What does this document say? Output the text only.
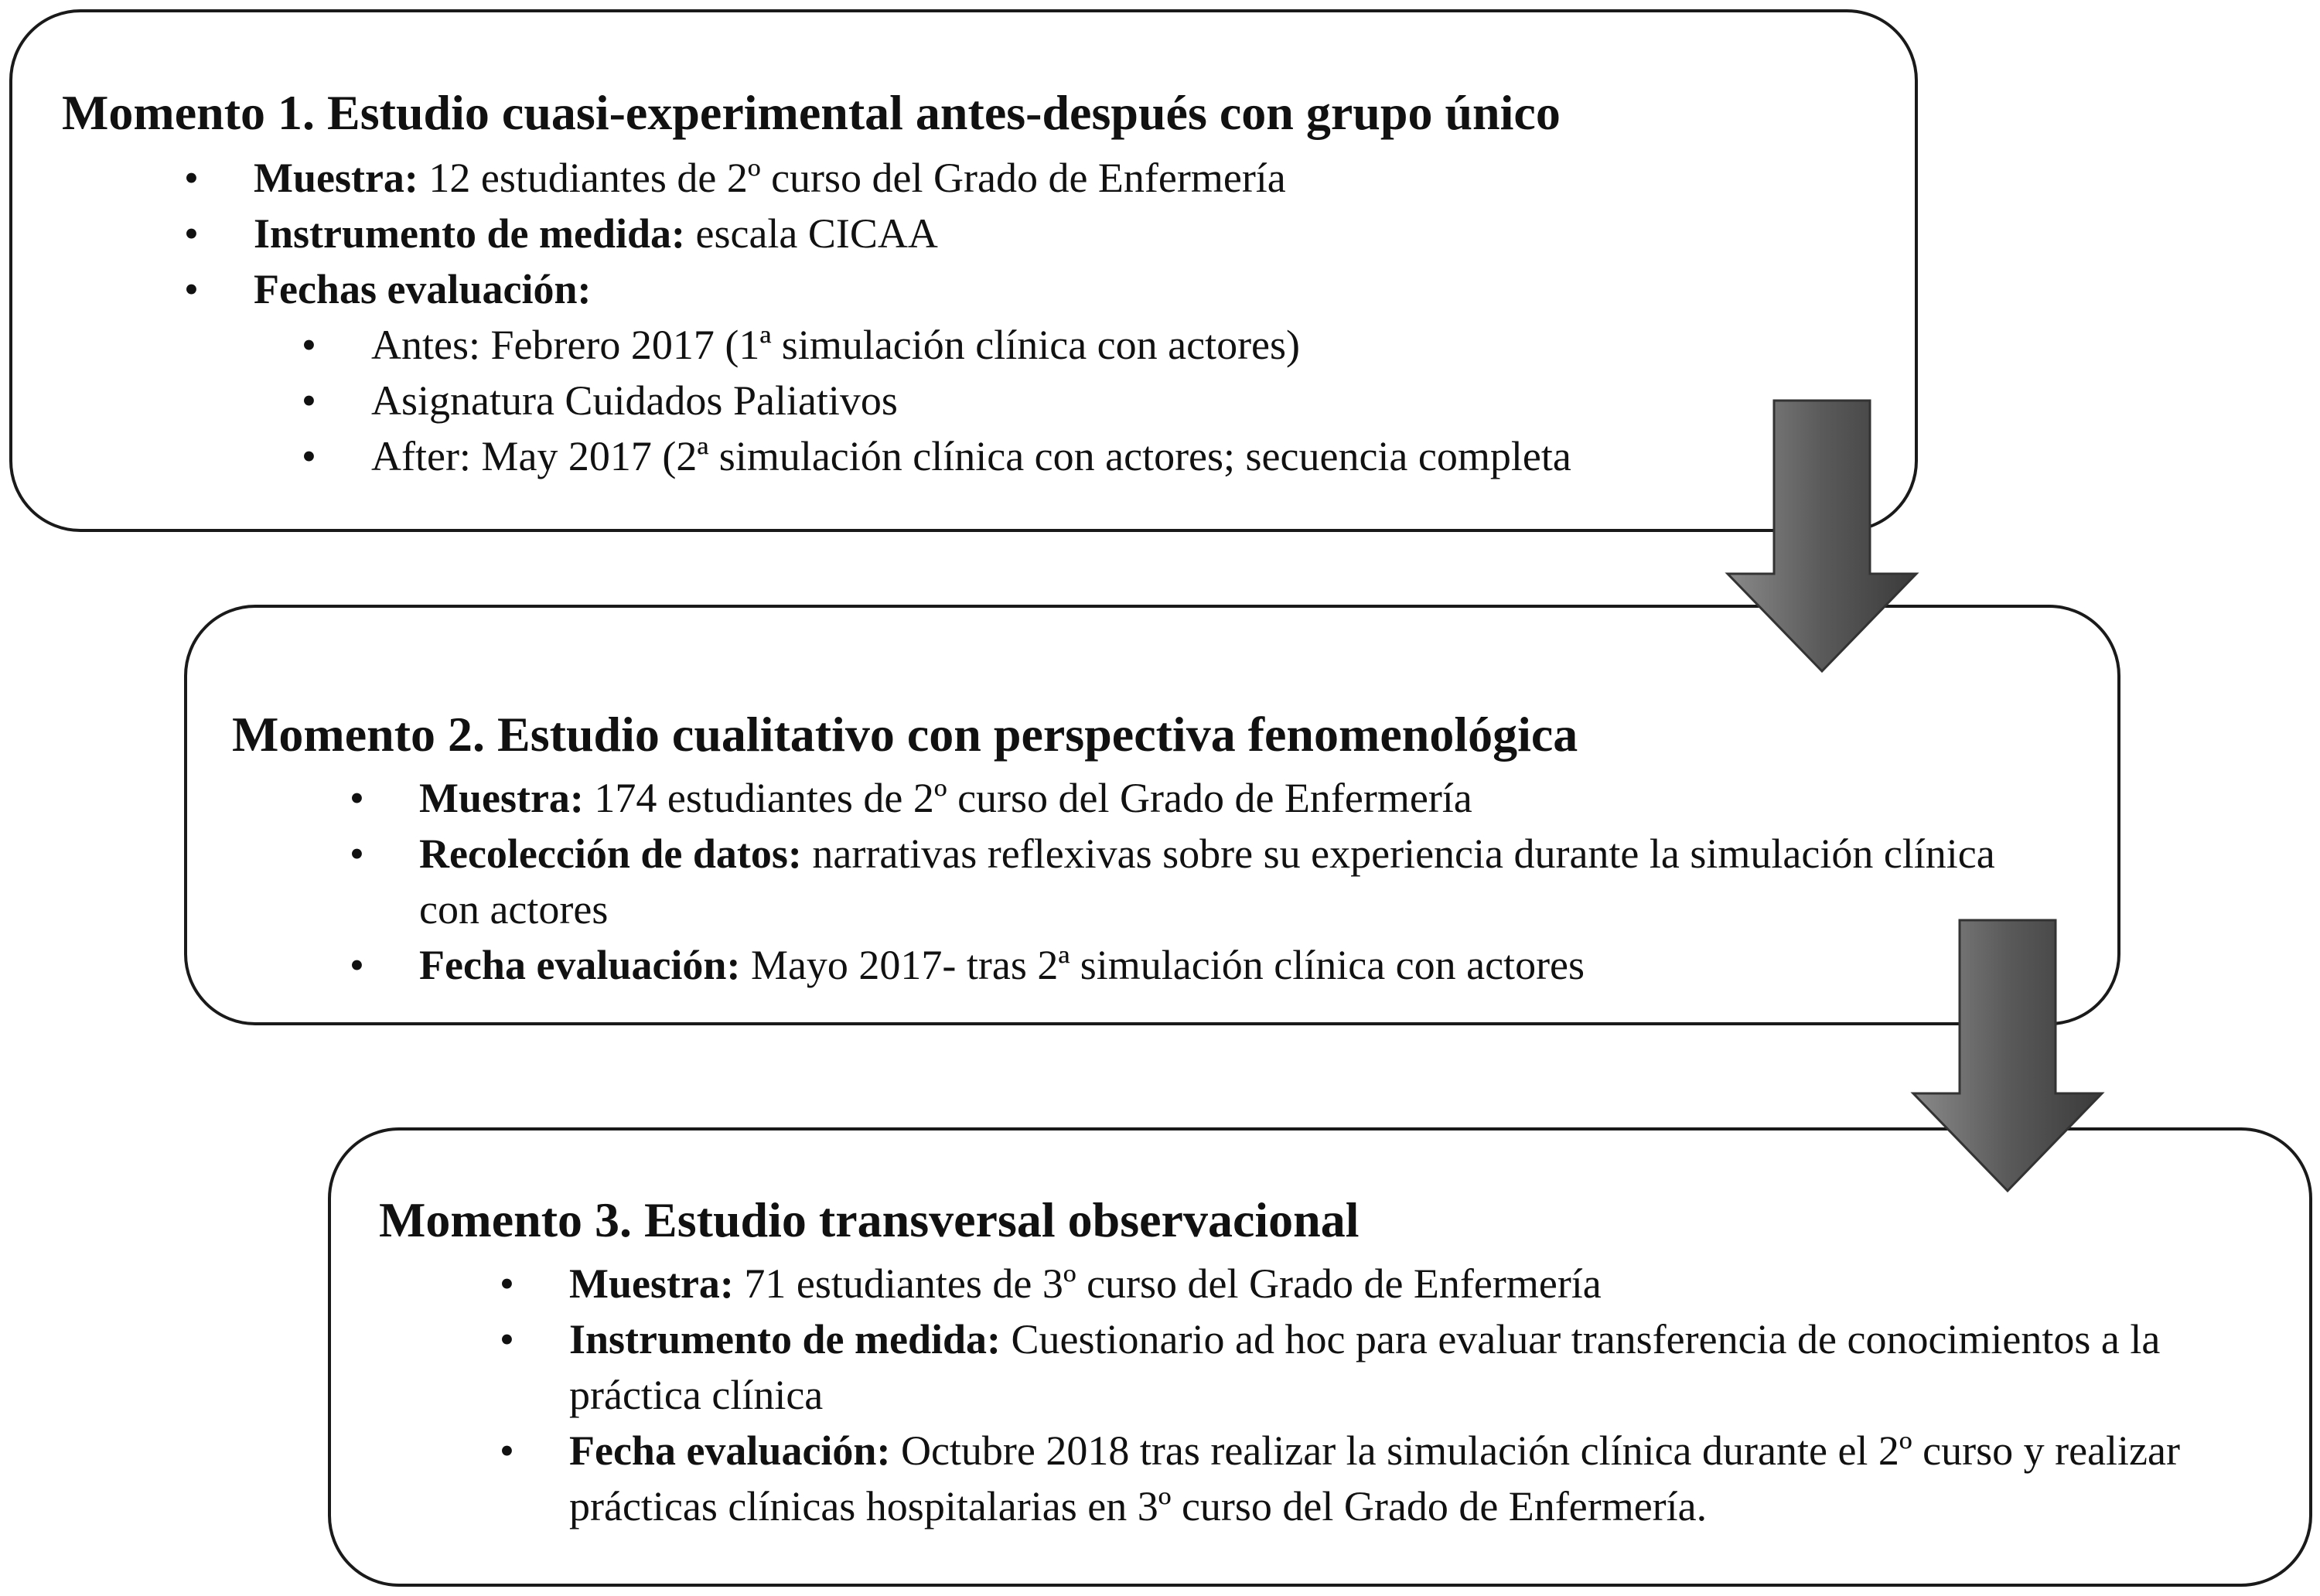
Momento 1. Estudio cuasi-experimental antes-después con grupo único
• Muestra: 12 estudiantes de 2º curso del Grado de Enfermería
• Instrumento de medida: escala CICAA
• Fechas evaluación:
• Antes: Febrero 2017 (1ª simulación clínica con actores)
• Asignatura Cuidados Paliativos
• After: May 2017 (2ª simulación clínica con actores; secuencia completa
Momento 2. Estudio cualitativo con perspectiva fenomenológica
• Muestra: 174 estudiantes de 2º curso del Grado de Enfermería
• Recolección de datos: narrativas reflexivas sobre su experiencia durante la simulación clínica con actores
• Fecha evaluación: Mayo 2017- tras 2ª simulación clínica con actores
Momento 3. Estudio transversal observacional
• Muestra: 71 estudiantes de 3º curso del Grado de Enfermería
• Instrumento de medida: Cuestionario ad hoc para evaluar transferencia de conocimientos a la práctica clínica
• Fecha evaluación: Octubre 2018 tras realizar la simulación clínica durante el 2º curso y realizar prácticas clínicas hospitalarias en 3º curso del Grado de Enfermería.
